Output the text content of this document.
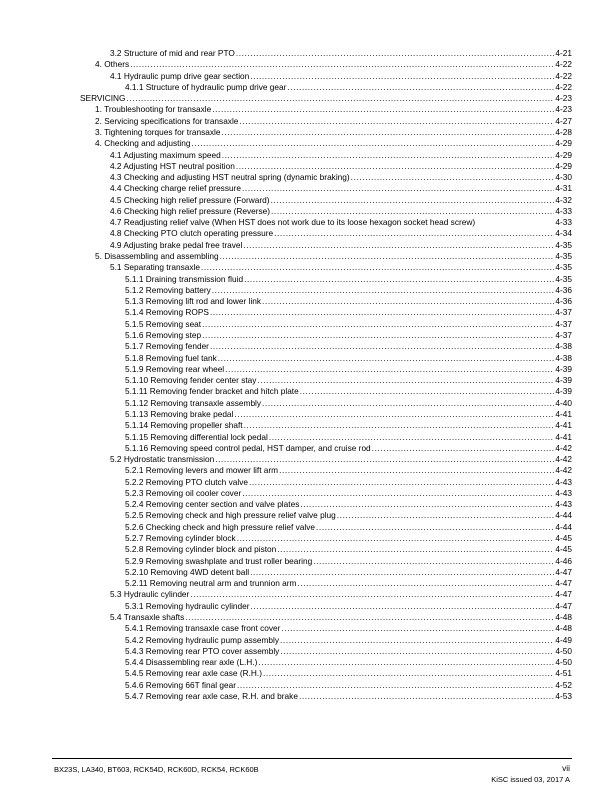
3.2 Structure of mid and rear PTO .....	4-21
4. Others .....	4-22
4.1 Hydraulic pump drive gear section .....	4-22
4.1.1 Structure of hydraulic pump drive gear .....	4-22
SERVICING .....	4-23
1. Troubleshooting for transaxle .....	4-23
2. Servicing specifications for transaxle .....	4-27
3. Tightening torques for transaxle .....	4-28
4. Checking and adjusting .....	4-29
4.1 Adjusting maximum speed .....	4-29
4.2 Adjusting HST neutral position .....	4-29
4.3 Checking and adjusting HST neutral spring (dynamic braking) .....	4-30
4.4 Checking charge relief pressure .....	4-31
4.5 Checking high relief pressure (Forward) .....	4-32
4.6 Checking high relief pressure (Reverse) .....	4-33
4.7 Readjusting relief valve (When HST does not work due to its loose hexagon socket head screw)	4-33
4.8 Checking PTO clutch operating pressure .....	4-34
4.9 Adjusting brake pedal free travel .....	4-35
5. Disassembling and assembling .....	4-35
5.1 Separating transaxle .....	4-35
5.1.1 Draining transmission fluid .....	4-35
5.1.2 Removing battery .....	4-36
5.1.3 Removing lift rod and lower link .....	4-36
5.1.4 Removing ROPS .....	4-37
5.1.5 Removing seat .....	4-37
5.1.6 Removing step .....	4-37
5.1.7 Removing fender .....	4-38
5.1.8 Removing fuel tank .....	4-38
5.1.9 Removing rear wheel .....	4-39
5.1.10 Removing fender center stay .....	4-39
5.1.11 Removing fender bracket and hitch plate .....	4-39
5.1.12 Removing transaxle assembly .....	4-40
5.1.13 Removing brake pedal .....	4-41
5.1.14 Removing propeller shaft .....	4-41
5.1.15 Removing differential lock pedal .....	4-41
5.1.16 Removing speed control pedal, HST damper, and cruise rod .....	4-42
5.2 Hydrostatic transmission .....	4-42
5.2.1 Removing levers and mower lift arm .....	4-42
5.2.2 Removing PTO clutch valve .....	4-43
5.2.3 Removing oil cooler cover .....	4-43
5.2.4 Removing center section and valve plates .....	4-43
5.2.5 Removing check and high pressure relief valve plug .....	4-44
5.2.6 Checking check and high pressure relief valve .....	4-44
5.2.7 Removing cylinder block .....	4-45
5.2.8 Removing cylinder block and piston .....	4-45
5.2.9 Removing swashplate and trust roller bearing .....	4-46
5.2.10 Removing 4WD detent ball .....	4-47
5.2.11 Removing neutral arm and trunnion arm .....	4-47
5.3 Hydraulic cylinder .....	4-47
5.3.1 Removing hydraulic cylinder .....	4-47
5.4 Transaxle shafts .....	4-48
5.4.1 Removing transaxle case front cover .....	4-48
5.4.2 Removing hydraulic pump assembly .....	4-49
5.4.3 Removing rear PTO cover assembly .....	4-50
5.4.4 Disassembling rear axle (L.H.) .....	4-50
5.4.5 Removing rear axle case (R.H.) .....	4-51
5.4.6 Removing 66T final gear .....	4-52
5.4.7 Removing rear axle case, R.H. and brake .....	4-53
BX23S, LA340, BT603, RCK54D, RCK60D, RCK54, RCK60B	vii
KiSC issued 03, 2017 A
